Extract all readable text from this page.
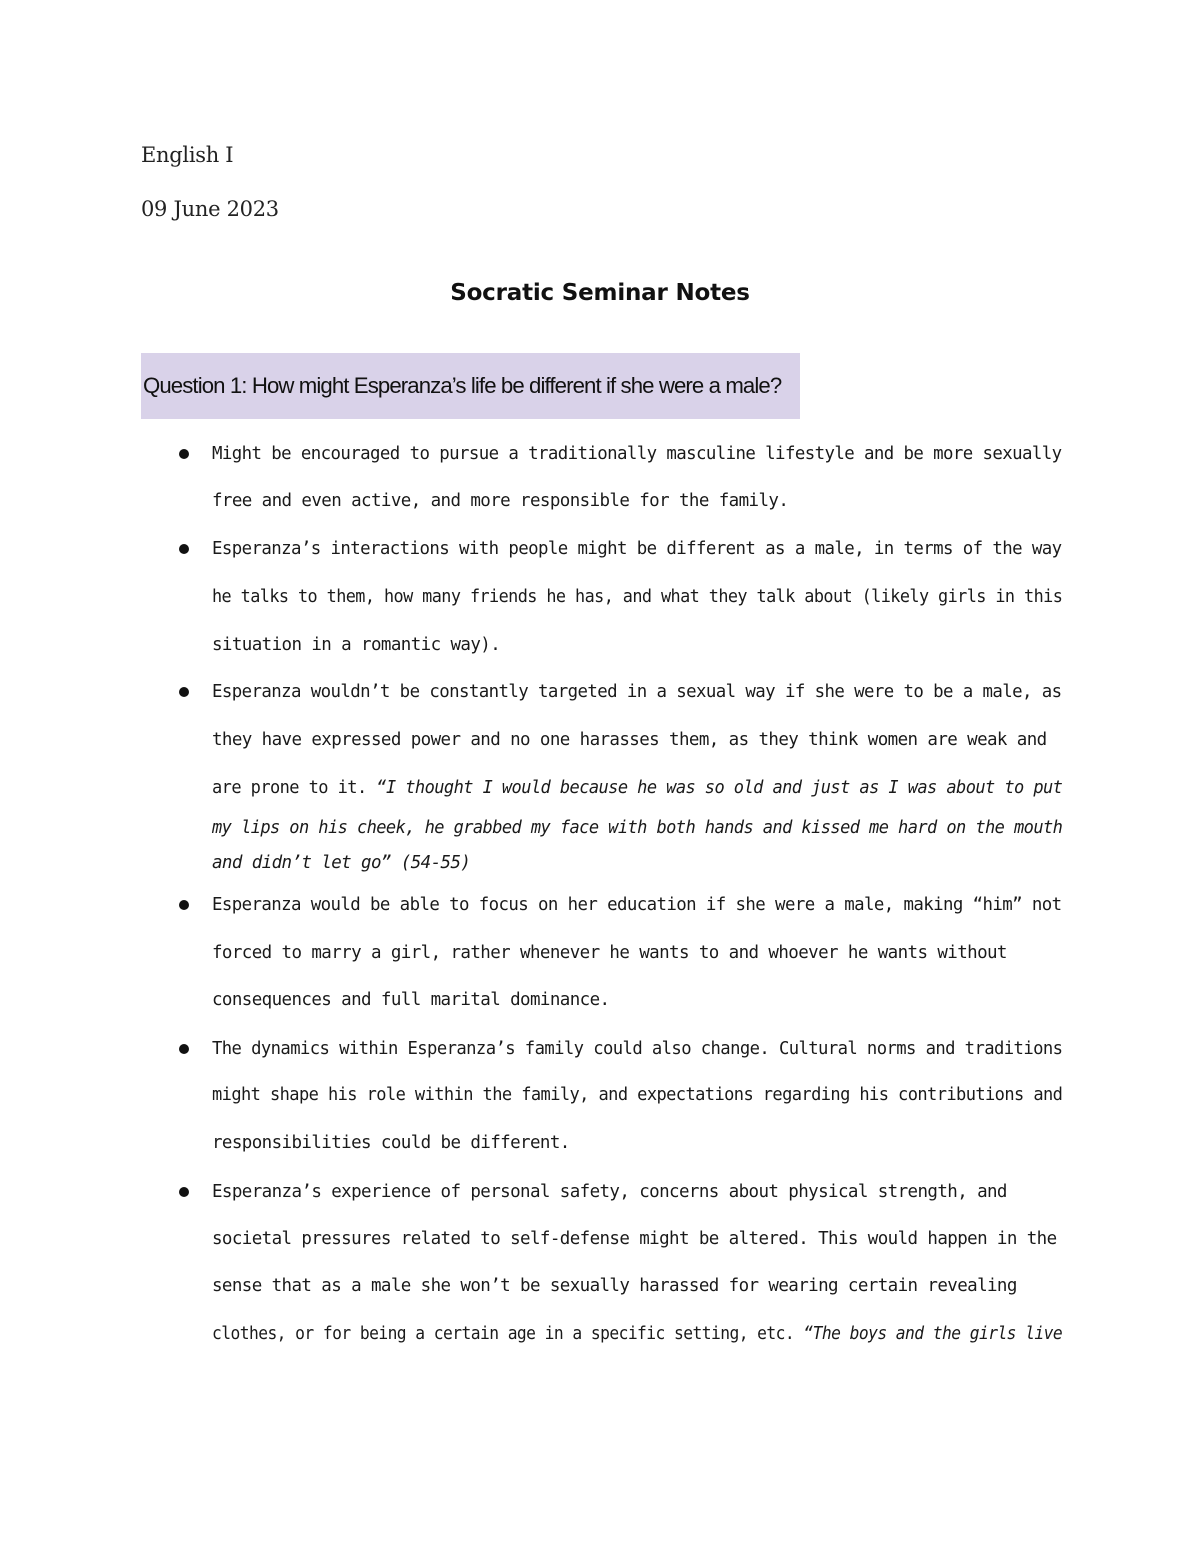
English I
09 June 2023
Socratic Seminar Notes
Question 1: How might Esperanza’s life be different if she were a male?
Might be encouraged to pursue a traditionally masculine lifestyle and be more sexually
free and even active, and more responsible for the family.
Esperanza’s interactions with people might be different as a male, in terms of the way
he talks to them, how many friends he has, and what they talk about (likely girls in this
situation in a romantic way).
Esperanza wouldn’t be constantly targeted in a sexual way if she were to be a male, as
they have expressed power and no one harasses them, as they think women are weak and
are prone to it. “I thought I would because he was so old and just as I was about to put
my lips on his cheek, he grabbed my face with both hands and kissed me hard on the mouth
and didn’t let go” (54-55)
Esperanza would be able to focus on her education if she were a male, making “him” not
forced to marry a girl, rather whenever he wants to and whoever he wants without
consequences and full marital dominance.
The dynamics within Esperanza’s family could also change. Cultural norms and traditions
might shape his role within the family, and expectations regarding his contributions and
responsibilities could be different.
Esperanza’s experience of personal safety, concerns about physical strength, and
societal pressures related to self-defense might be altered. This would happen in the
sense that as a male she won’t be sexually harassed for wearing certain revealing
clothes, or for being a certain age in a specific setting, etc. “The boys and the girls live
